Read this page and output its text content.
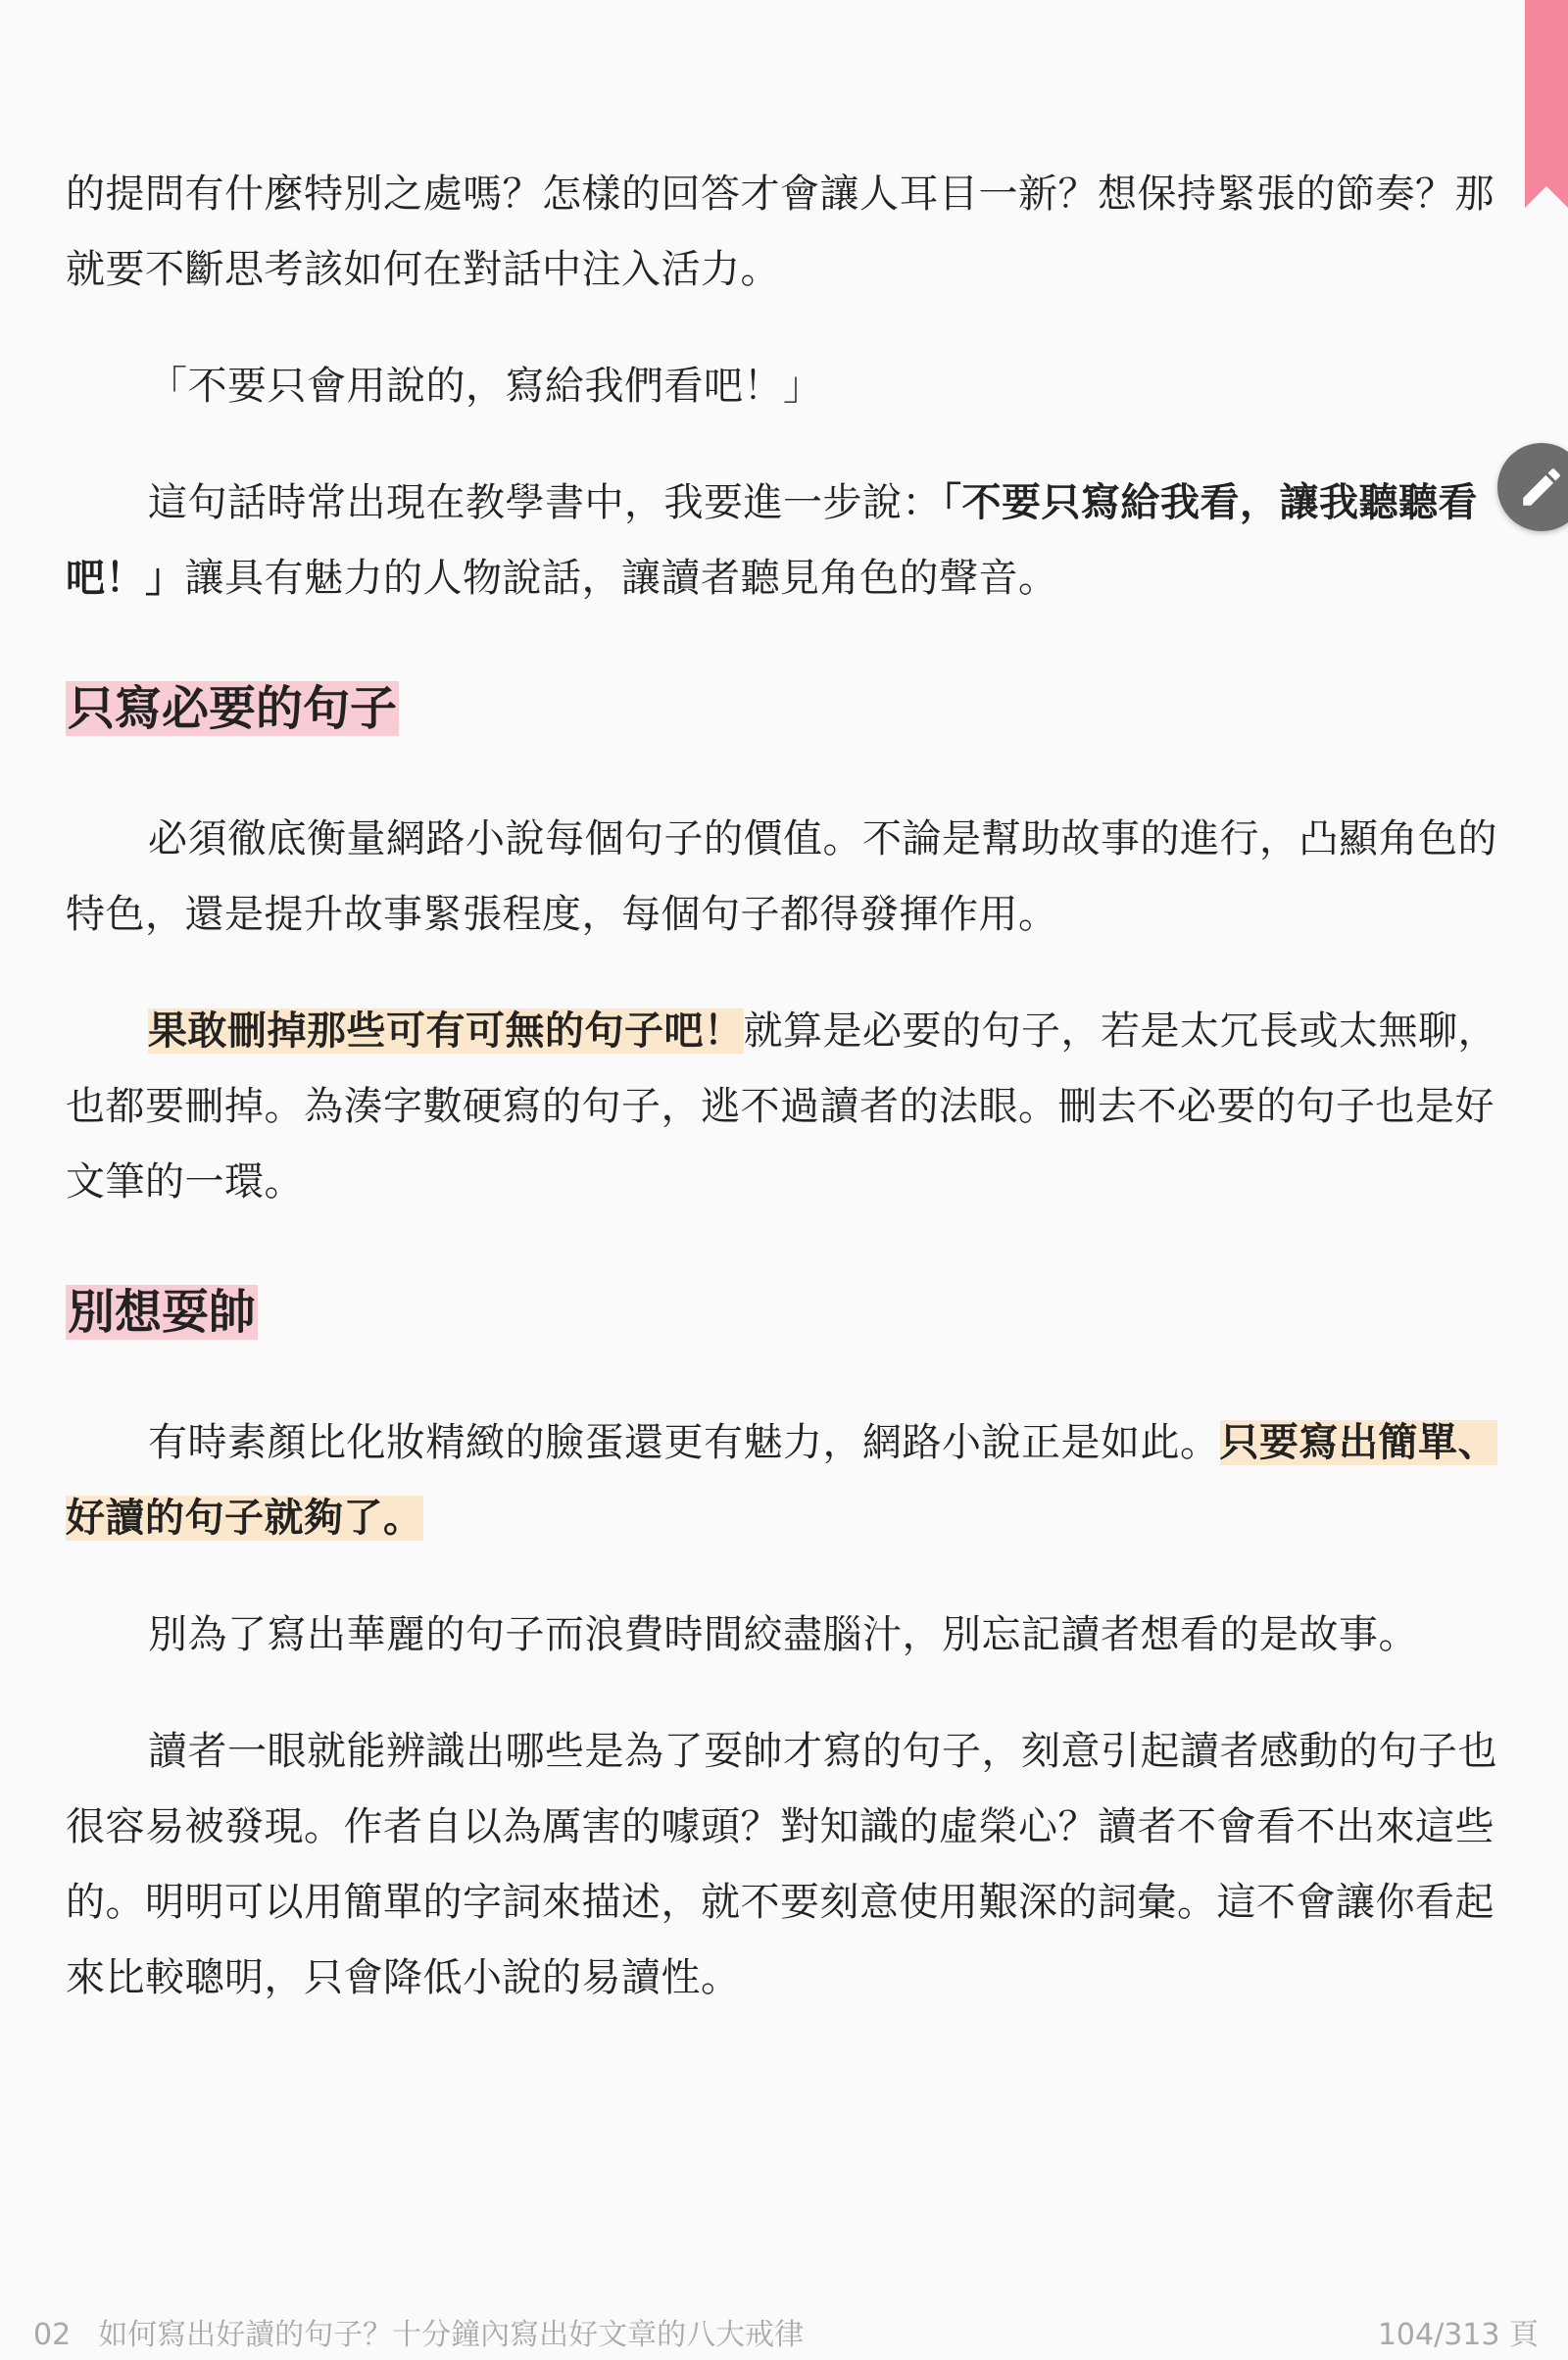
的提問有什麼特別之處嗎？怎樣的回答才會讓人耳目一新？想保持緊張的節奏？那就要不斷思考該如何在對話中注入活力。

「不要只會用說的，寫給我們看吧！」

這句話時常出現在教學書中，我要進一步說：「不要只寫給我看，讓我聽聽看吧！」讓具有魅力的人物說話，讓讀者聽見角色的聲音。

只寫必要的句子

必須徹底衡量網路小說每個句子的價值。不論是幫助故事的進行，凸顯角色的特色，還是提升故事緊張程度，每個句子都得發揮作用。

果敢刪掉那些可有可無的句子吧！就算是必要的句子，若是太冗長或太無聊，也都要刪掉。為湊字數硬寫的句子，逃不過讀者的法眼。刪去不必要的句子也是好文筆的一環。

別想耍帥

有時素顏比化妝精緻的臉蛋還更有魅力，網路小說正是如此。只要寫出簡單、好讀的句子就夠了。

別為了寫出華麗的句子而浪費時間絞盡腦汁，別忘記讀者想看的是故事。

讀者一眼就能辨識出哪些是為了耍帥才寫的句子，刻意引起讀者感動的句子也很容易被發現。作者自以為厲害的噱頭？對知識的虛榮心？讀者不會看不出來這些的。明明可以用簡單的字詞來描述，就不要刻意使用艱深的詞彙。這不會讓你看起來比較聰明，只會降低小說的易讀性。

02 如何寫出好讀的句子？十分鐘內寫出好文章的八大戒律	104/313 頁
